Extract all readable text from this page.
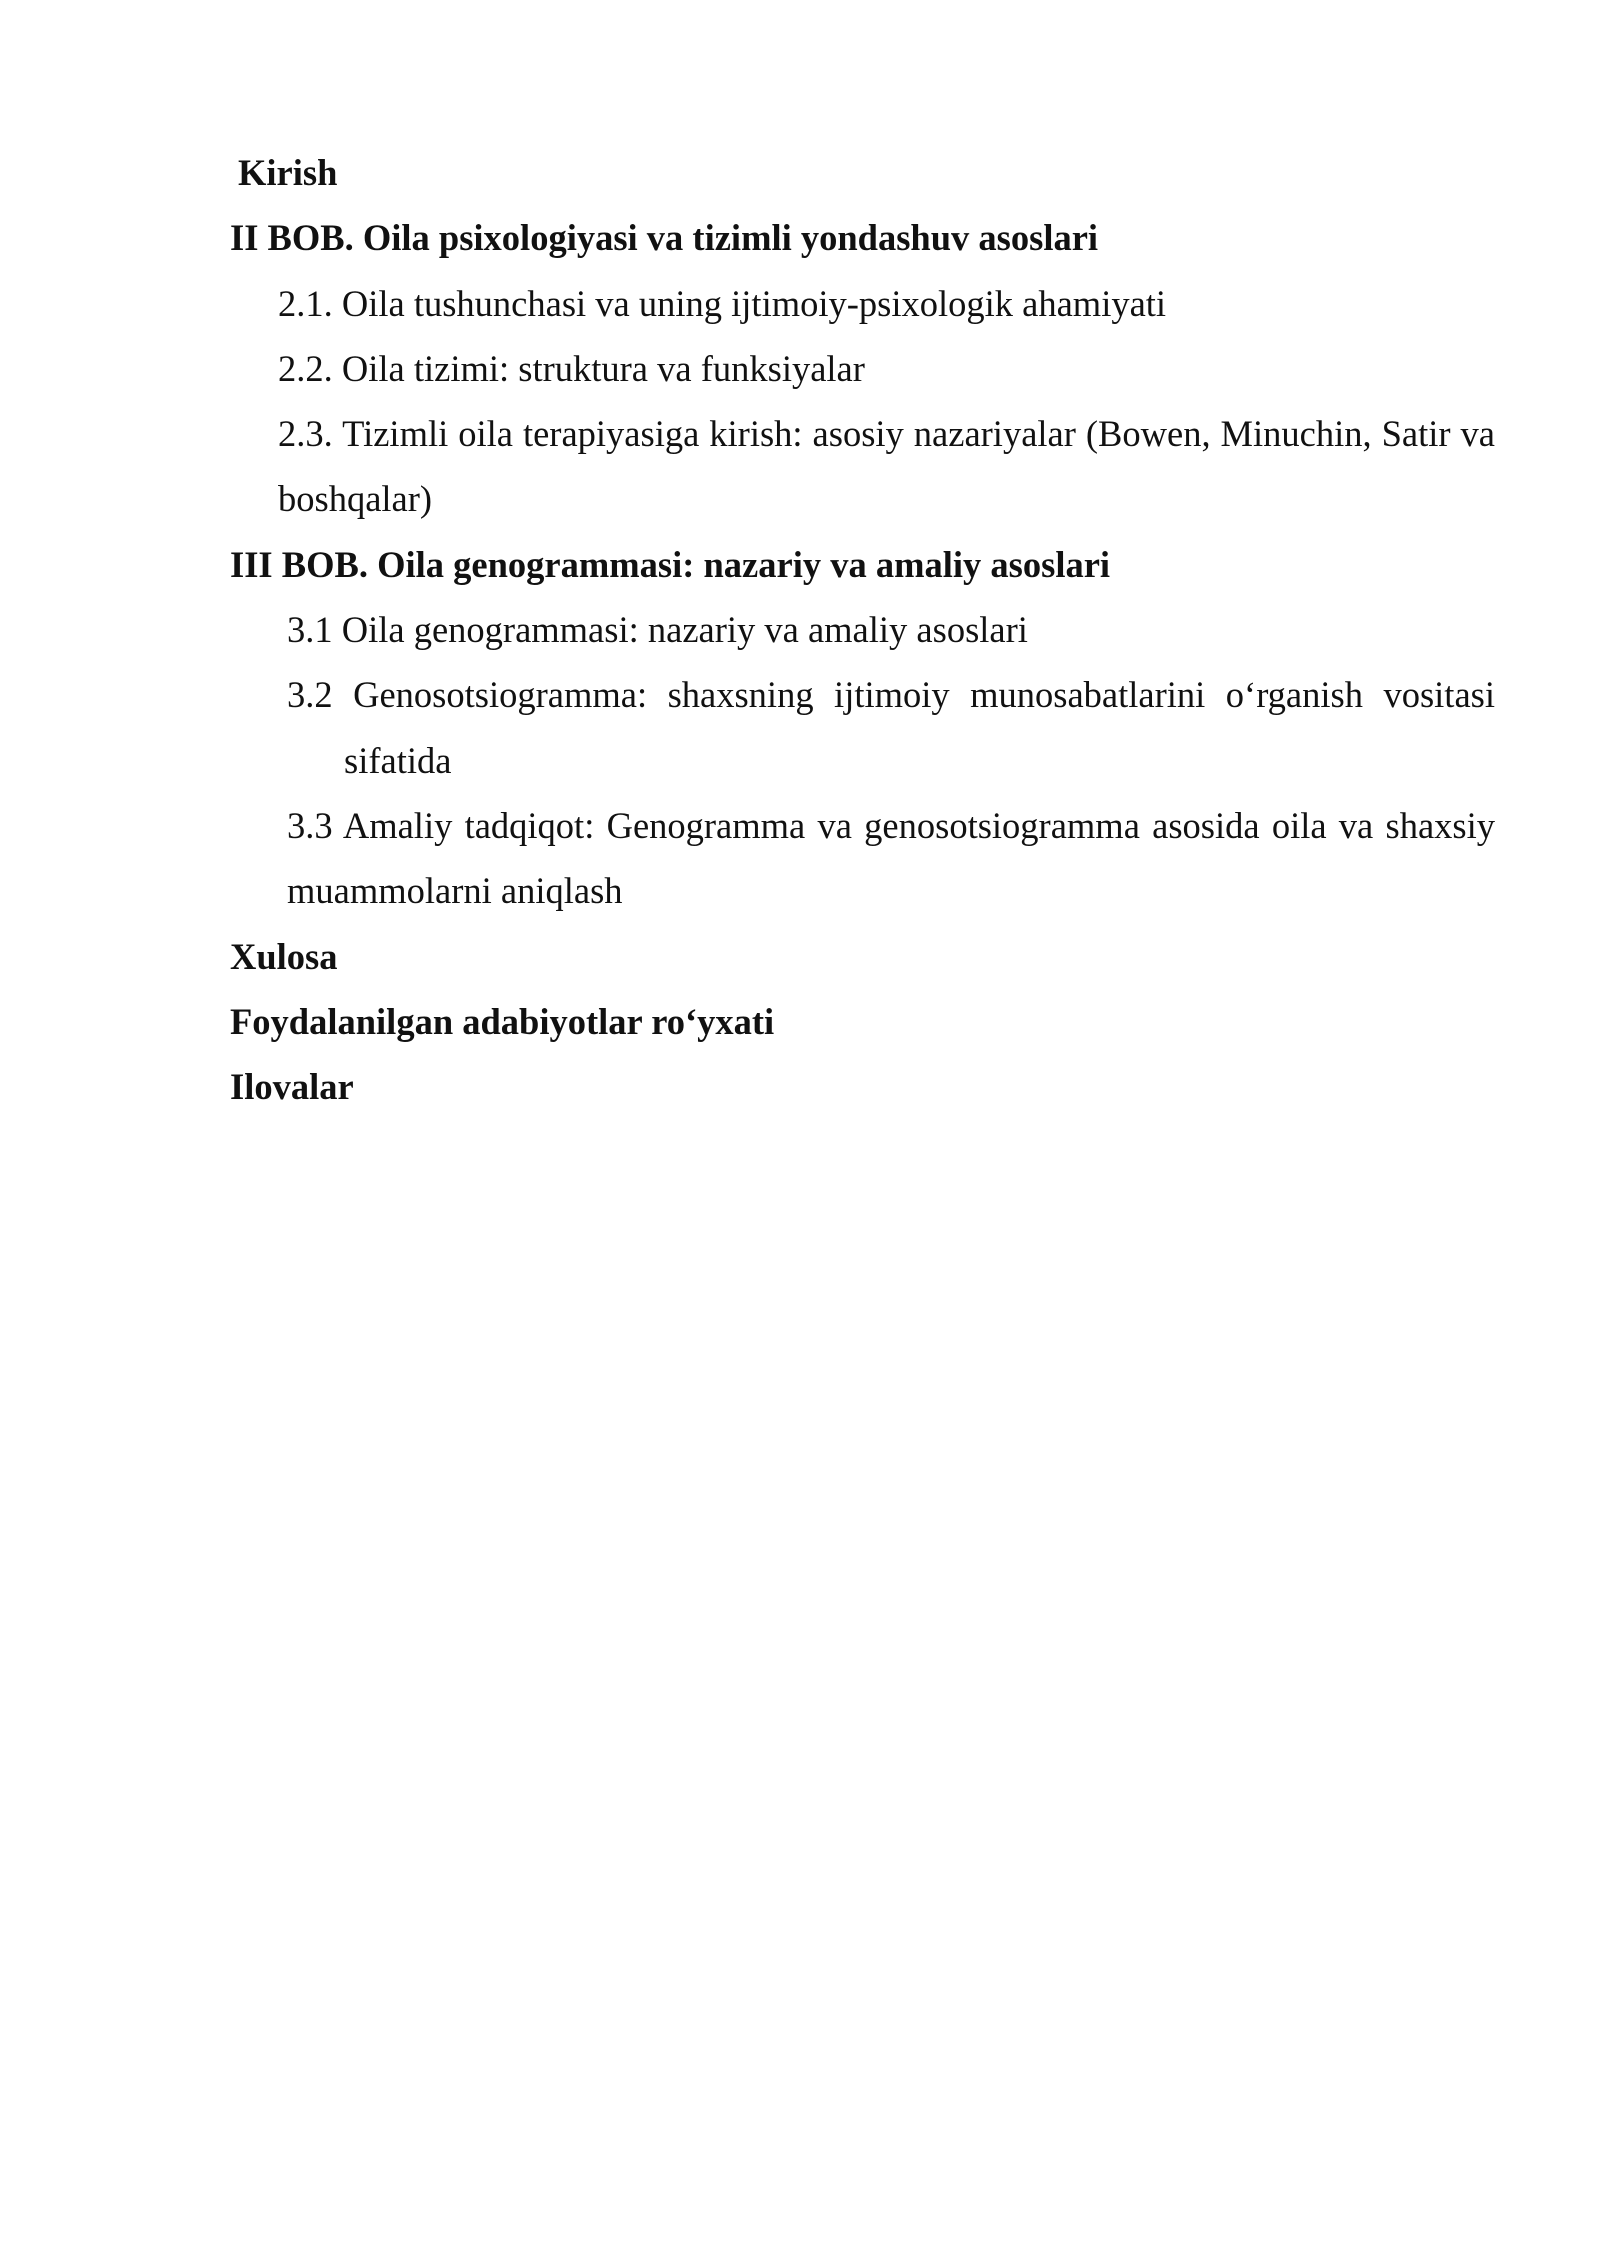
Kirish

II BOB. Oila psixologiyasi va tizimli yondashuv asoslari

2.1. Oila tushunchasi va uning ijtimoiy-psixologik ahamiyati

2.2. Oila tizimi: struktura va funksiyalar

2.3. Tizimli oila terapiyasiga kirish: asosiy nazariyalar (Bowen, Minuchin, Satir va boshqalar)

III BOB. Oila genogrammasi: nazariy va amaliy asoslari

3.1 Oila genogrammasi: nazariy va amaliy asoslari

3.2 Genosotsiogramma: shaxsning ijtimoiy munosabatlarini o‘rganish vositasi sifatida

3.3 Amaliy tadqiqot: Genogramma va genosotsiogramma asosida oila va shaxsiy muammolarni aniqlash

Xulosa

Foydalanilgan adabiyotlar ro‘yxati

Ilovalar
